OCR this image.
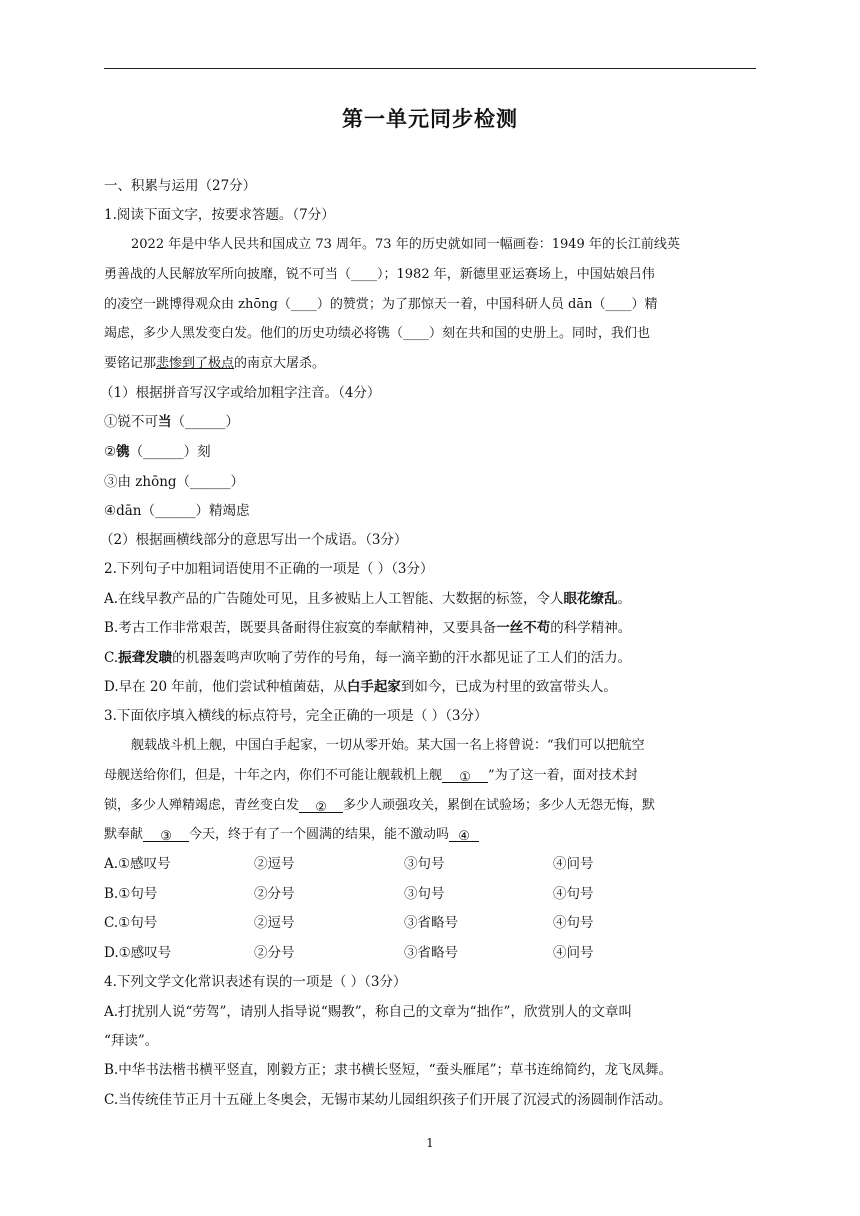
第一单元同步检测
一、积累与运用（27分）
1.阅读下面文字，按要求答题。（7分）
2022 年是中华人民共和国成立 73 周年。73 年的历史就如同一幅画卷：1949 年的长江前线英
勇善战的人民解放军所向披靡，锐不可当（____）；1982 年，新德里亚运赛场上，中国姑娘吕伟
的凌空一跳博得观众由 zhōng（____）的赞赏；为了那惊天一着，中国科研人员 dān（____）精
竭虑，多少人黑发变白发。他们的历史功绩必将镌（____）刻在共和国的史册上。同时，我们也
要铭记那悲惨到了极点的南京大屠杀。
（1）根据拼音写汉字或给加粗字注音。（4分）
①锐不可当（______）
②镌（______）刻
③由 zhōng（______）
④dān（______）精竭虑
（2）根据画横线部分的意思写出一个成语。（3分）
2.下列句子中加粗词语使用不正确的一项是（ ）（3分）
A.在线早教产品的广告随处可见，且多被贴上人工智能、大数据的标签，令人眼花缭乱。
B.考古工作非常艰苦，既要具备耐得住寂寞的奉献精神，又要具备一丝不苟的科学精神。
C.振聋发聩的机器轰鸣声吹响了劳作的号角，每一滴辛勤的汗水都见证了工人们的活力。
D.早在 20 年前，他们尝试种植菌菇，从白手起家到如今，已成为村里的致富带头人。
3.下面依序填入横线的标点符号，完全正确的一项是（ ）（3分）
舰载战斗机上舰，中国白手起家，一切从零开始。某大国一名上将曾说：“我们可以把航空
母舰送给你们，但是，十年之内，你们不可能让舰载机上舰 ① ”为了这一着，面对技术封
锁，多少人殚精竭虑，青丝变白发 ② 多少人顽强攻关，累倒在试验场；多少人无怨无悔，默
默奉献 ③ 今天，终于有了一个圆满的结果，能不激动吗 ④
A.①感叹号	②逗号	③句号	④问号
B.①句号	②分号	③句号	④句号
C.①句号	②逗号	③省略号	④句号
D.①感叹号	②分号	③省略号	④问号
4.下列文学文化常识表述有误的一项是（ ）（3分）
A.打扰别人说“劳驾”，请别人指导说“赐教”，称自己的文章为“拙作”，欣赏别人的文章叫
“拜读”。
B.中华书法楷书横平竖直，刚毅方正；隶书横长竖短，“蚕头雁尾”；草书连绵简约，龙飞凤舞。
C.当传统佳节正月十五碰上冬奥会，无锡市某幼儿园组织孩子们开展了沉浸式的汤圆制作活动。
1
